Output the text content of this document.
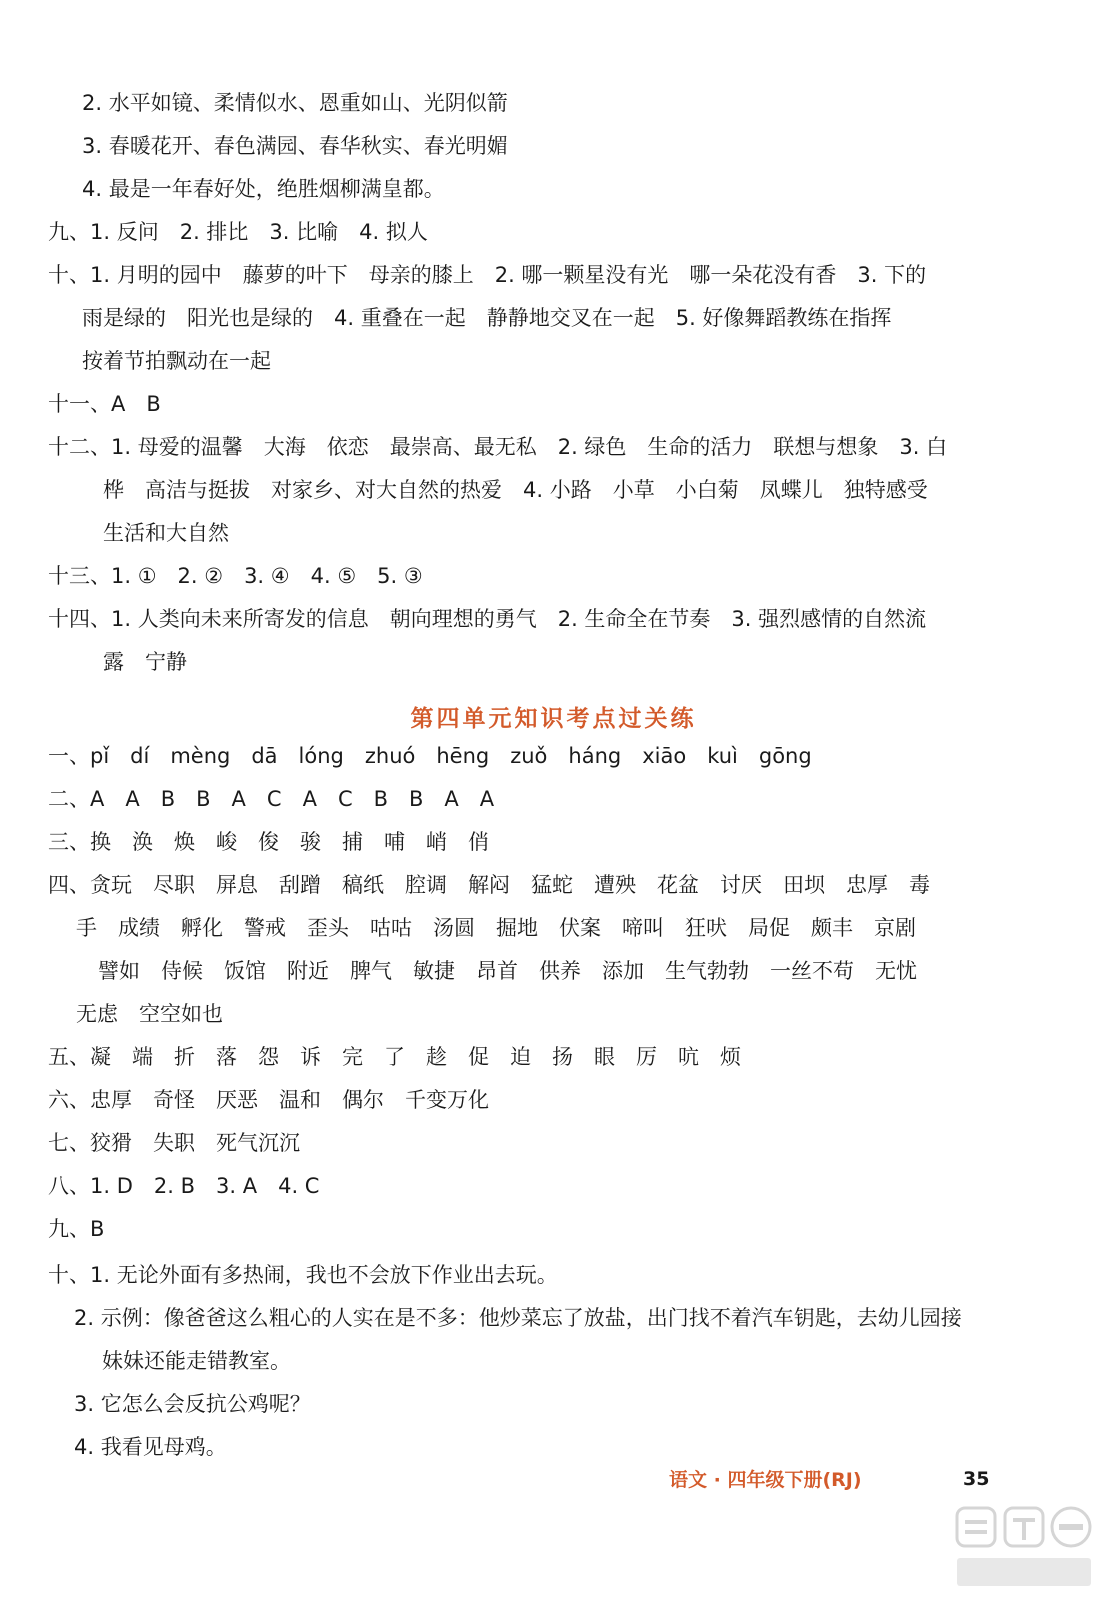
2. 水平如镜、柔情似水、恩重如山、光阴似箭
3. 春暖花开、春色满园、春华秋实、春光明媚
4. 最是一年春好处，绝胜烟柳满皇都。
九、1. 反问　2. 排比　3. 比喻　4. 拟人
十、1. 月明的园中　藤萝的叶下　母亲的膝上　2. 哪一颗星没有光　哪一朵花没有香　3. 下的
雨是绿的　阳光也是绿的　4. 重叠在一起　静静地交叉在一起　5. 好像舞蹈教练在指挥
按着节拍飘动在一起
十一、A　B
十二、1. 母爱的温馨　大海　依恋　最崇高、最无私　2. 绿色　生命的活力　联想与想象　3. 白
桦　高洁与挺拔　对家乡、对大自然的热爱　4. 小路　小草　小白菊　凤蝶儿　独特感受
生活和大自然
十三、1. ①　2. ②　3. ④　4. ⑤　5. ③
十四、1. 人类向未来所寄发的信息　朝向理想的勇气　2. 生命全在节奏　3. 强烈感情的自然流
露　宁静
第四单元知识考点过关练
一、pǐ　dí　mèng　dā　lóng　zhuó　hēng　zuǒ　háng　xiāo　kuì　gōng
二、A　A　B　B　A　C　A　C　B　B　A　A
三、换　涣　焕　峻　俊　骏　捕　哺　峭　俏
四、贪玩　尽职　屏息　刮蹭　稿纸　腔调　解闷　猛蛇　遭殃　花盆　讨厌　田坝　忠厚　毒
手　成绩　孵化　警戒　歪头　咕咕　汤圆　掘地　伏案　啼叫　狂吠　局促　颇丰　京剧
譬如　侍候　饭馆　附近　脾气　敏捷　昂首　供养　添加　生气勃勃　一丝不苟　无忧
无虑　空空如也
五、凝　端　折　落　怨　诉　完　了　趁　促　迫　扬　眼　厉　吭　烦
六、忠厚　奇怪　厌恶　温和　偶尔　千变万化
七、狡猾　失职　死气沉沉
八、1. D　2. B　3. A　4. C
九、B
十、1. 无论外面有多热闹，我也不会放下作业出去玩。
2. 示例：像爸爸这么粗心的人实在是不多：他炒菜忘了放盐，出门找不着汽车钥匙，去幼儿园接
妹妹还能走错教室。
3. 它怎么会反抗公鸡呢？
4. 我看见母鸡。
语文 · 四年级下册(RJ)	35
